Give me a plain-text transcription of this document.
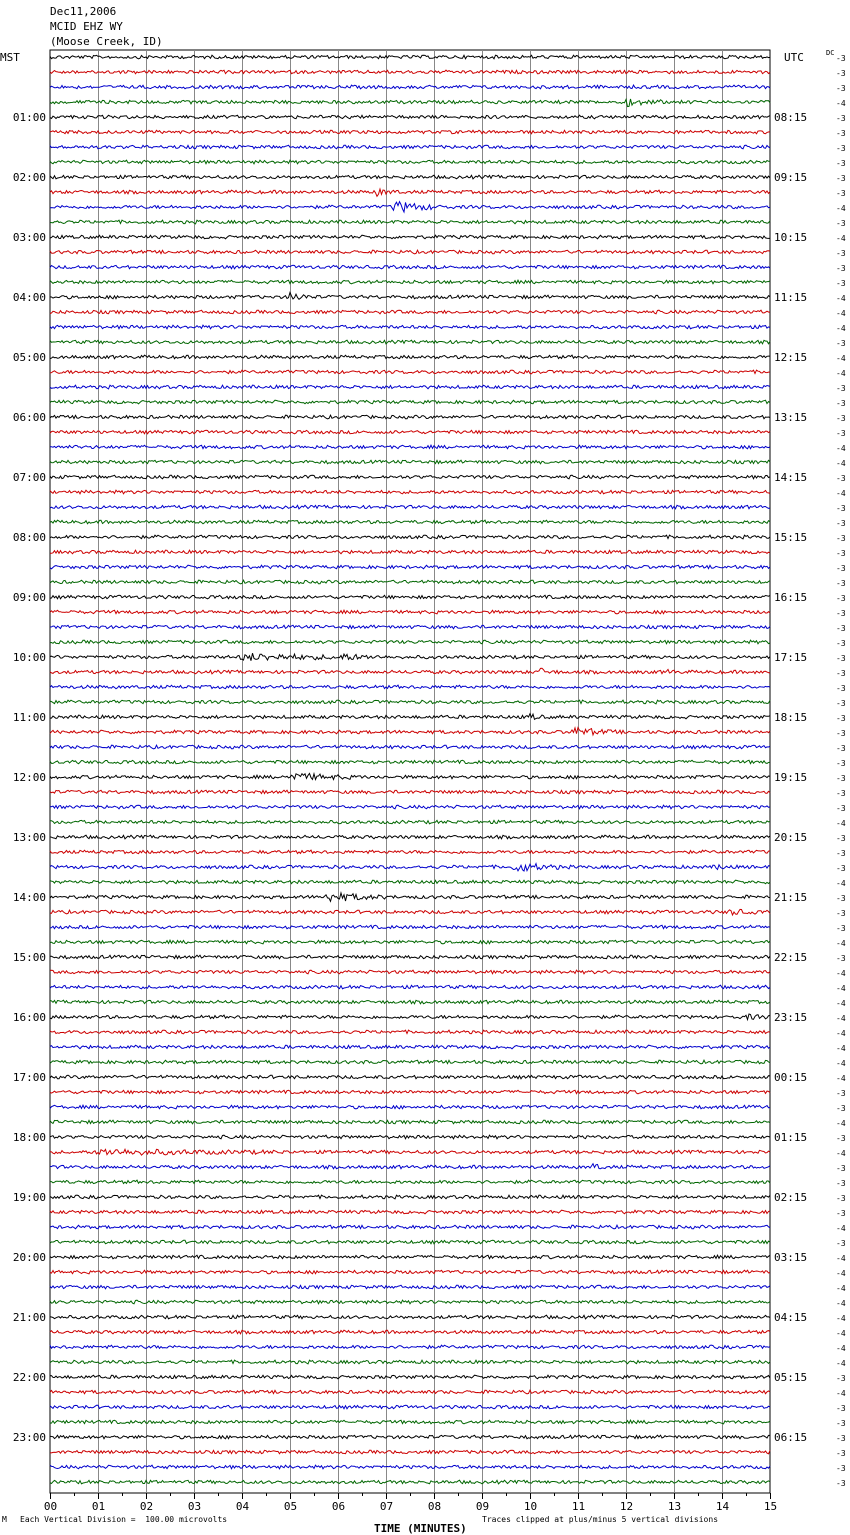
Dec11,2006
MCID EHZ WY
(Moose Creek, ID)
MST	UTC	DC
00	01	02	03	04	05	06	07	08	09	10	11	12	13	14	15
-3
-3
-3
-4
-3
-3
-3
-3
-3
-3
-4
-3
-4
-3
-3
-3
-4
-4
-4
-3
-4
-4
-3
-3
-3
-3
-4
-4
-3
-4
-3
-3
-3
-3
-3
-3
-3
-3
-3
-3
-3
-3
-3
-3
-3
-3
-3
-3
-3
-3
-3
-4
-3
-3
-3
-4
-3
-3
-3
-4
-3
-4
-4
-4
-4
-4
-4
-4
-4
-3
-3
-4
-3
-4
-3
-3
-3
-3
-4
-3
-4
-4
-4
-4
-4
-4
-4
-4
-3
-4
-3
-3
-3
-3
-3
-3
01:00
02:00
03:00
04:00
05:00
06:00
07:00
08:00
09:00
10:00
11:00
12:00
13:00
14:00
15:00
16:00
17:00
18:00
19:00
20:00
21:00
22:00
23:00
08:15
09:15
10:15
11:15
12:15
13:15
14:15
15:15
16:15
17:15
18:15
19:15
20:15
21:15
22:15
23:15
00:15
01:15
02:15
03:15
04:15
05:15
06:15
M Each Vertical Division =  100.00 microvolts
TIME (MINUTES)
Traces clipped at plus/minus 5 vertical divisions
